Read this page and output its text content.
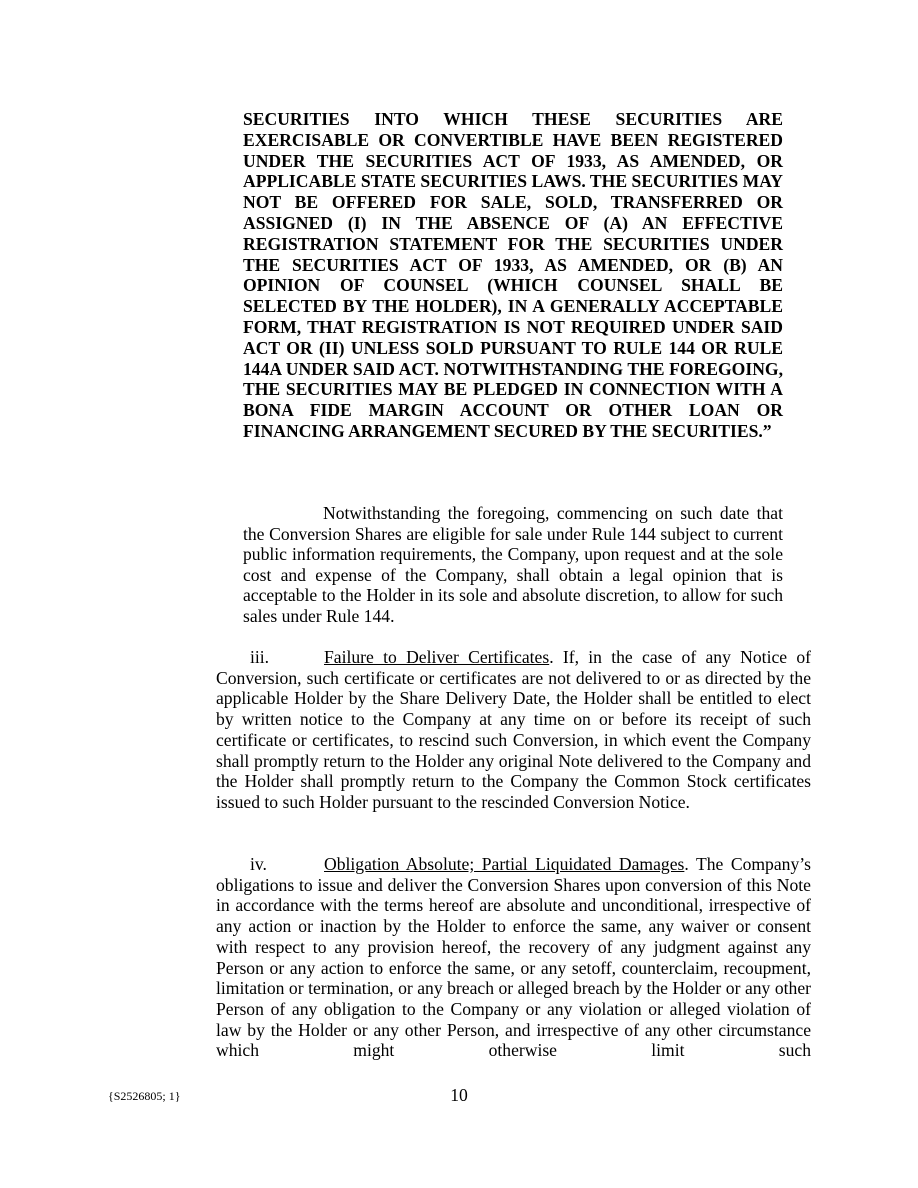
SECURITIES INTO WHICH THESE SECURITIES ARE EXERCISABLE OR CONVERTIBLE HAVE BEEN REGISTERED UNDER THE SECURITIES ACT OF 1933, AS AMENDED, OR APPLICABLE STATE SECURITIES LAWS. THE SECURITIES MAY NOT BE OFFERED FOR SALE, SOLD, TRANSFERRED OR ASSIGNED (I) IN THE ABSENCE OF (A) AN EFFECTIVE REGISTRATION STATEMENT FOR THE SECURITIES UNDER THE SECURITIES ACT OF 1933, AS AMENDED, OR (B) AN OPINION OF COUNSEL (WHICH COUNSEL SHALL BE SELECTED BY THE HOLDER), IN A GENERALLY ACCEPTABLE FORM, THAT REGISTRATION IS NOT REQUIRED UNDER SAID ACT OR (II) UNLESS SOLD PURSUANT TO RULE 144 OR RULE 144A UNDER SAID ACT. NOTWITHSTANDING THE FOREGOING, THE SECURITIES MAY BE PLEDGED IN CONNECTION WITH A BONA FIDE MARGIN ACCOUNT OR OTHER LOAN OR FINANCING ARRANGEMENT SECURED BY THE SECURITIES.”

Notwithstanding the foregoing, commencing on such date that the Conversion Shares are eligible for sale under Rule 144 subject to current public information requirements, the Company, upon request and at the sole cost and expense of the Company, shall obtain a legal opinion that is acceptable to the Holder in its sole and absolute discretion, to allow for such sales under Rule 144.

iii.	Failure to Deliver Certificates. If, in the case of any Notice of Conversion, such certificate or certificates are not delivered to or as directed by the applicable Holder by the Share Delivery Date, the Holder shall be entitled to elect by written notice to the Company at any time on or before its receipt of such certificate or certificates, to rescind such Conversion, in which event the Company shall promptly return to the Holder any original Note delivered to the Company and the Holder shall promptly return to the Company the Common Stock certificates issued to such Holder pursuant to the rescinded Conversion Notice.

iv.	Obligation Absolute; Partial Liquidated Damages. The Company’s obligations to issue and deliver the Conversion Shares upon conversion of this Note in accordance with the terms hereof are absolute and unconditional, irrespective of any action or inaction by the Holder to enforce the same, any waiver or consent with respect to any provision hereof, the recovery of any judgment against any Person or any action to enforce the same, or any setoff, counterclaim, recoupment, limitation or termination, or any breach or alleged breach by the Holder or any other Person of any obligation to the Company or any violation or alleged violation of law by the Holder or any other Person, and irrespective of any other circumstance which might otherwise limit such

{S2526805; 1}	10
